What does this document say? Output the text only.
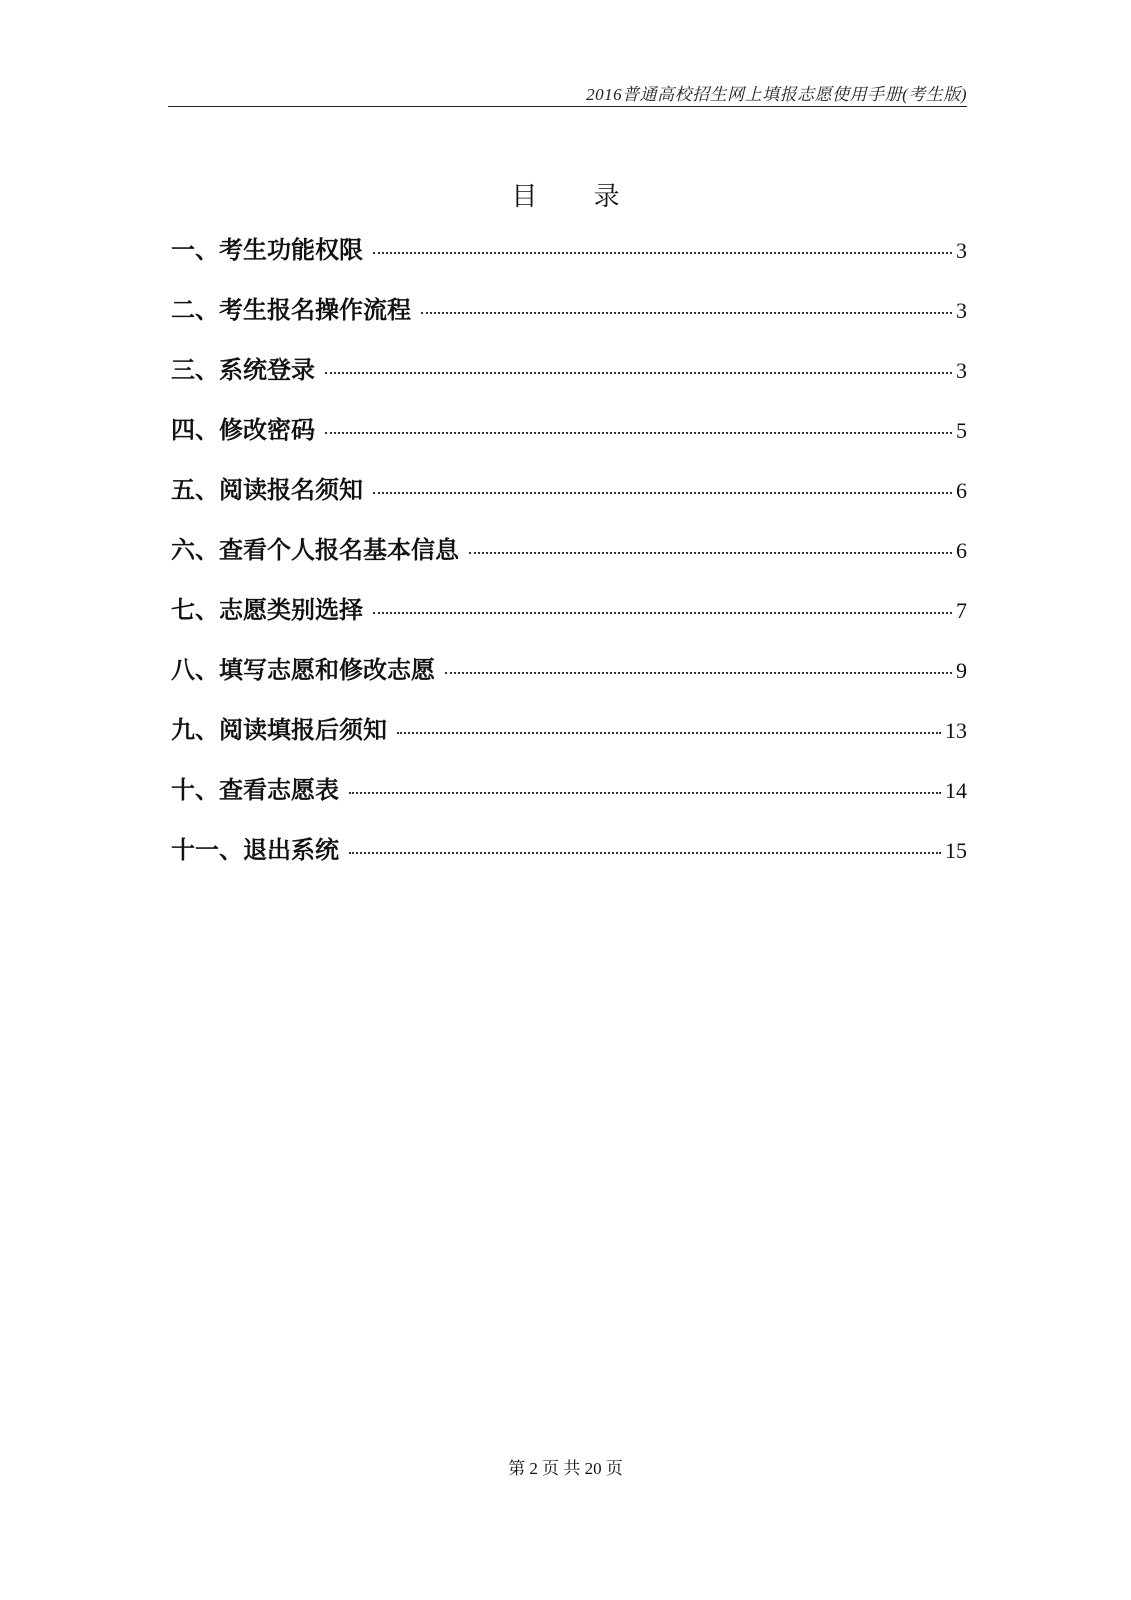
2016普通高校招生网上填报志愿使用手册(考生版)
目 录
一、考生功能权限	3
二、考生报名操作流程	3
三、系统登录	3
四、修改密码	5
五、阅读报名须知	6
六、查看个人报名基本信息	6
七、志愿类别选择	7
八、填写志愿和修改志愿	9
九、阅读填报后须知	13
十、查看志愿表	14
十一、退出系统	15
第 2 页 共 20 页
